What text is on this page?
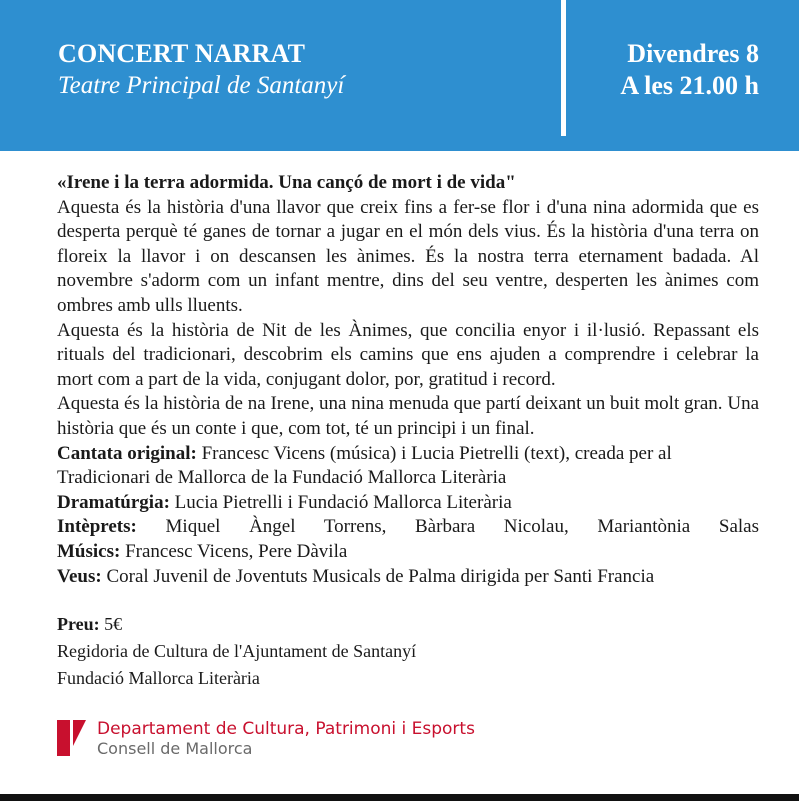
CONCERT NARRAT
Teatre Principal de Santanyí
Divendres 8
A les 21.00 h

«Irene i la terra adormida. Una cançó de mort i de vida"

Aquesta és la història d'una llavor que creix fins a fer-se flor i d'una nina adormida que es desperta perquè té ganes de tornar a jugar en el món dels vius. És la història d'una terra on floreix la llavor i on descansen les ànimes. És la nostra terra eternament badada. Al novembre s'adorm com un infant mentre, dins del seu ventre, desperten les ànimes com ombres amb ulls lluents.

Aquesta és la història de Nit de les Ànimes, que concilia enyor i il·lusió. Repassant els rituals del tradicionari, descobrim els camins que ens ajuden a comprendre i celebrar la mort com a part de la vida, conjugant dolor, por, gratitud i record.

Aquesta és la història de na Irene, una nina menuda que partí deixant un buit molt gran. Una història que és un conte i que, com tot, té un principi i un final.

Cantata original: Francesc Vicens (música) i Lucia Pietrelli (text), creada per al Tradicionari de Mallorca de la Fundació Mallorca Literària

Dramatúrgia: Lucia Pietrelli i Fundació Mallorca Literària

Intèprets: Miquel Àngel Torrens, Bàrbara Nicolau, Mariantònia Salas

Músics: Francesc Vicens, Pere Dàvila

Veus: Coral Juvenil de Joventuts Musicals de Palma dirigida per Santi Francia

Preu: 5€

Regidoria de Cultura de l'Ajuntament de Santanyí

Fundació Mallorca Literària

Departament de Cultura, Patrimoni i Esports
Consell de Mallorca
